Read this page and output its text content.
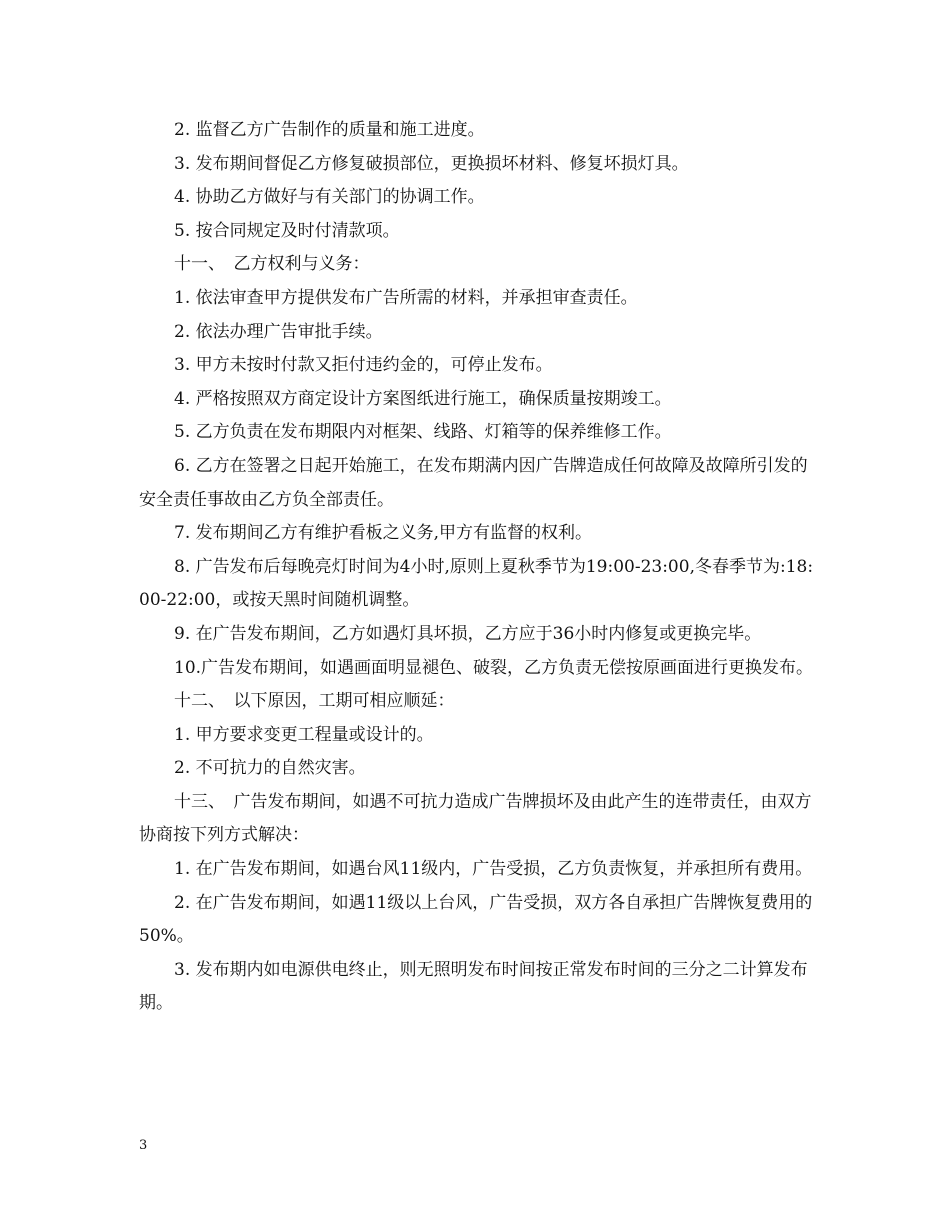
2. 监督乙方广告制作的质量和施工进度。

3. 发布期间督促乙方修复破损部位，更换损坏材料、修复坏损灯具。

4. 协助乙方做好与有关部门的协调工作。

5. 按合同规定及时付清款项。

十一、　乙方权利与义务：

1. 依法审查甲方提供发布广告所需的材料，并承担审查责任。

2. 依法办理广告审批手续。

3. 甲方未按时付款又拒付违约金的，可停止发布。

4. 严格按照双方商定设计方案图纸进行施工，确保质量按期竣工。

5. 乙方负责在发布期限内对框架、线路、灯箱等的保养维修工作。

6. 乙方在签署之日起开始施工，在发布期满内因广告牌造成任何故障及故障所引发的安全责任事故由乙方负全部责任。

7. 发布期间乙方有维护看板之义务,甲方有监督的权利。

8. 广告发布后每晚亮灯时间为4小时,原则上夏秋季节为19:00-23:00,冬春季节为:18:00-22:00，或按天黑时间随机调整。

9. 在广告发布期间，乙方如遇灯具坏损，乙方应于36小时内修复或更换完毕。

10.广告发布期间，如遇画面明显褪色、破裂，乙方负责无偿按原画面进行更换发布。

十二、　以下原因，工期可相应顺延：

1. 甲方要求变更工程量或设计的。

2. 不可抗力的自然灾害。

十三、　广告发布期间，如遇不可抗力造成广告牌损坏及由此产生的连带责任，由双方协商按下列方式解决：

1. 在广告发布期间，如遇台风11级内，广告受损，乙方负责恢复，并承担所有费用。

2. 在广告发布期间，如遇11级以上台风，广告受损，双方各自承担广告牌恢复费用的50%。

3. 发布期内如电源供电终止，则无照明发布时间按正常发布时间的三分之二计算发布期。

3
